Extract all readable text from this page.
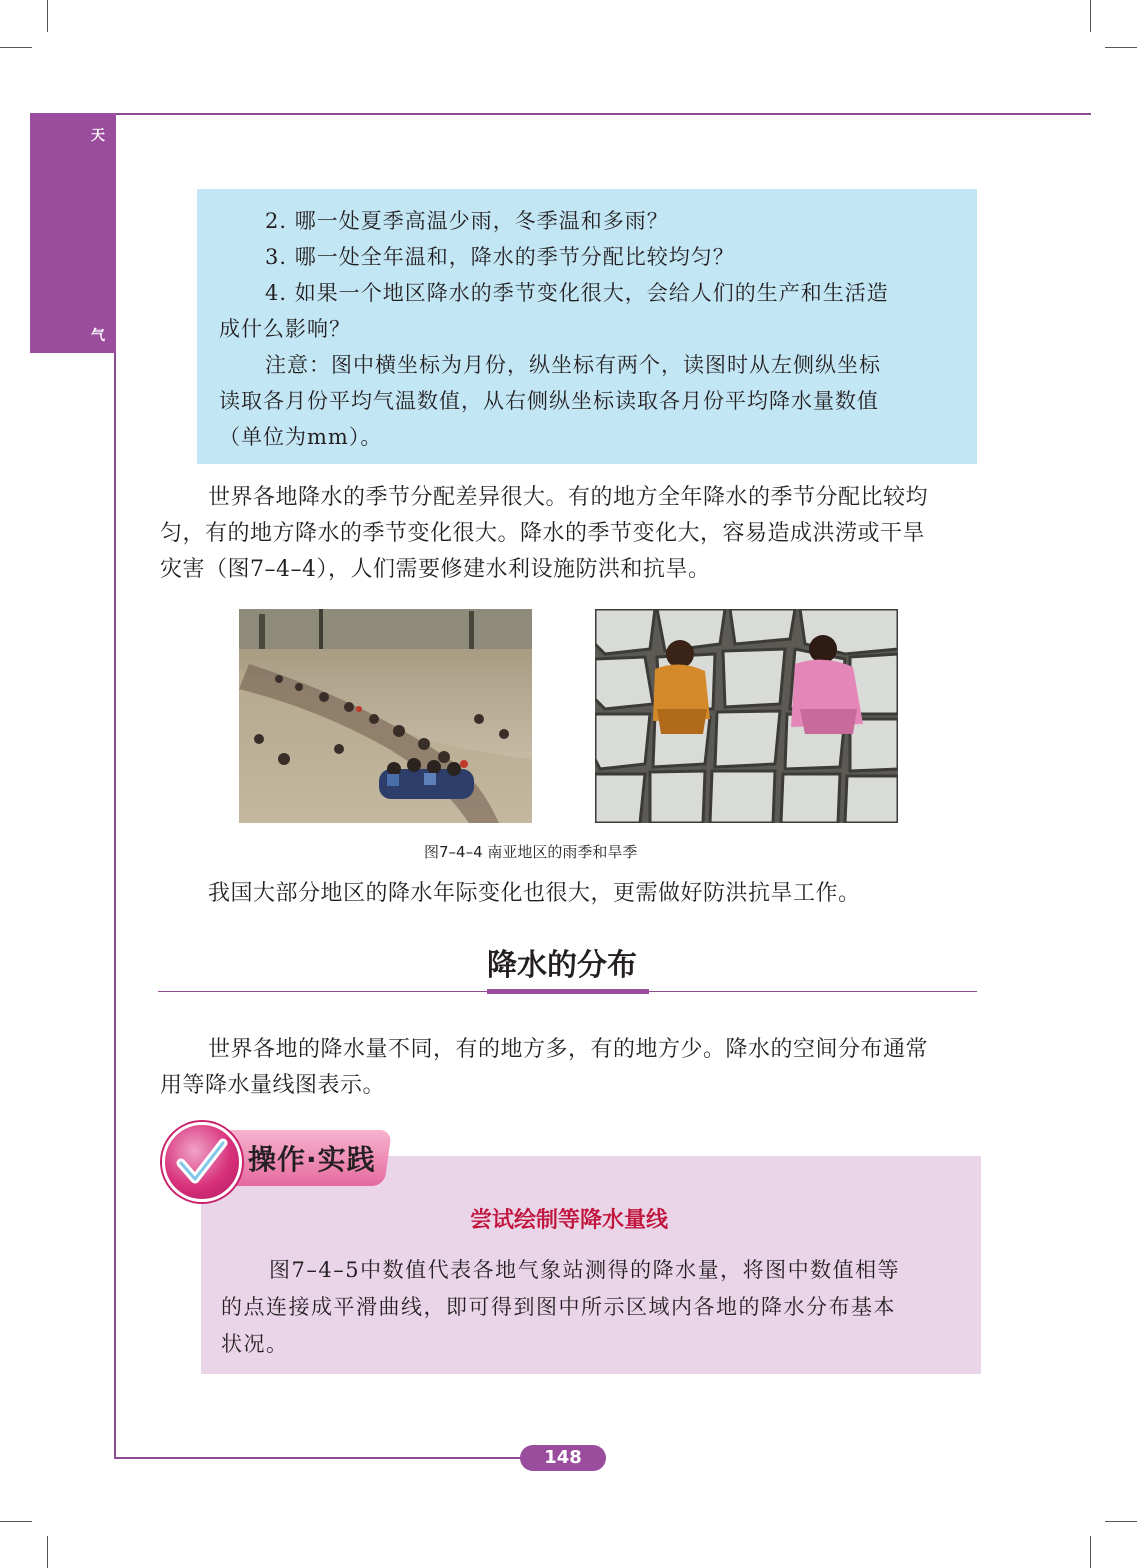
天
气

2. 哪一处夏季高温少雨，冬季温和多雨？

3. 哪一处全年温和，降水的季节分配比较均匀？

4. 如果一个地区降水的季节变化很大，会给人们的生产和生活造

成什么影响？

注意：图中横坐标为月份，纵坐标有两个，读图时从左侧纵坐标

读取各月份平均气温数值，从右侧纵坐标读取各月份平均降水量数值

（单位为mm）。

世界各地降水的季节分配差异很大。有的地方全年降水的季节分配比较均

匀，有的地方降水的季节变化很大。降水的季节变化大，容易造成洪涝或干旱

灾害（图7–4–4），人们需要修建水利设施防洪和抗旱。

图7–4–4 南亚地区的雨季和旱季

我国大部分地区的降水年际变化也很大，更需做好防洪抗旱工作。

降水的分布

世界各地的降水量不同，有的地方多，有的地方少。降水的空间分布通常

用等降水量线图表示。

操作·实践
尝试绘制等降水量线

图7–4–5中数值代表各地气象站测得的降水量，将图中数值相等

的点连接成平滑曲线，即可得到图中所示区域内各地的降水分布基本

状况。

148
